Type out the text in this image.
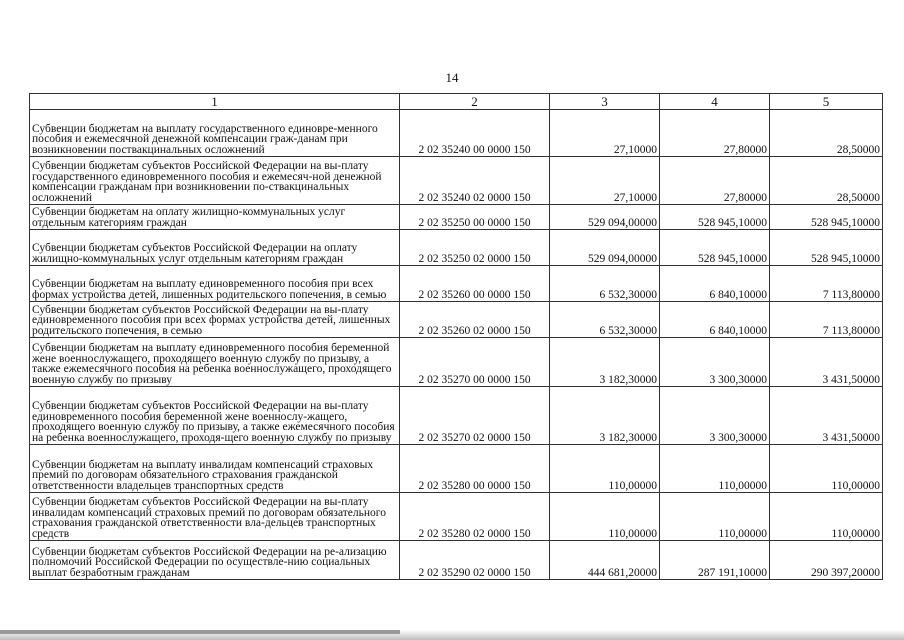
14
1	2	3	4	5
Субвенции бюджетам на выплату государственного единовре-менного пособия и ежемесячной денежной компенсации граж-данам при возникновении поствакцинальных осложнений	2 02 35240 00 0000 150	27,10000	27,80000	28,50000
Субвенции бюджетам субъектов Российской Федерации на вы-плату государственного единовременного пособия и ежемесяч-ной денежной компенсации гражданам при возникновении по-ствакцинальных осложнений	2 02 35240 02 0000 150	27,10000	27,80000	28,50000
Субвенции бюджетам на оплату жилищно-коммунальных услуг отдельным категориям граждан	2 02 35250 00 0000 150	529 094,00000	528 945,10000	528 945,10000
Субвенции бюджетам субъектов Российской Федерации на оплату жилищно-коммунальных услуг отдельным категориям граждан	2 02 35250 02 0000 150	529 094,00000	528 945,10000	528 945,10000
Субвенции бюджетам на выплату единовременного пособия при всех формах устройства детей, лишенных родительского попечения, в семью	2 02 35260 00 0000 150	6 532,30000	6 840,10000	7 113,80000
Субвенции бюджетам субъектов Российской Федерации на вы-плату единовременного пособия при всех формах устройства детей, лишенных родительского попечения, в семью	2 02 35260 02 0000 150	6 532,30000	6 840,10000	7 113,80000
Субвенции бюджетам на выплату единовременного пособия беременной жене военнослужащего, проходящего военную службу по призыву, а также ежемесячного пособия на ребенка военнослужащего, проходящего военную службу по призыву	2 02 35270 00 0000 150	3 182,30000	3 300,30000	3 431,50000
Субвенции бюджетам субъектов Российской Федерации на вы-плату единовременного пособия беременной жене военнослу-жащего, проходящего военную службу по призыву, а также ежемесячного пособия на ребенка военнослужащего, проходя-щего военную службу по призыву	2 02 35270 02 0000 150	3 182,30000	3 300,30000	3 431,50000
Субвенции бюджетам на выплату инвалидам компенсаций страховых премий по договорам обязательного страхования гражданской ответственности владельцев транспортных средств	2 02 35280 00 0000 150	110,00000	110,00000	110,00000
Субвенции бюджетам субъектов Российской Федерации на вы-плату инвалидам компенсаций страховых премий по договорам обязательного страхования гражданской ответственности вла-дельцев транспортных средств	2 02 35280 02 0000 150	110,00000	110,00000	110,00000
Субвенции бюджетам субъектов Российской Федерации на ре-ализацию полномочий Российской Федерации по осуществле-нию социальных выплат безработным гражданам	2 02 35290 02 0000 150	444 681,20000	287 191,10000	290 397,20000
